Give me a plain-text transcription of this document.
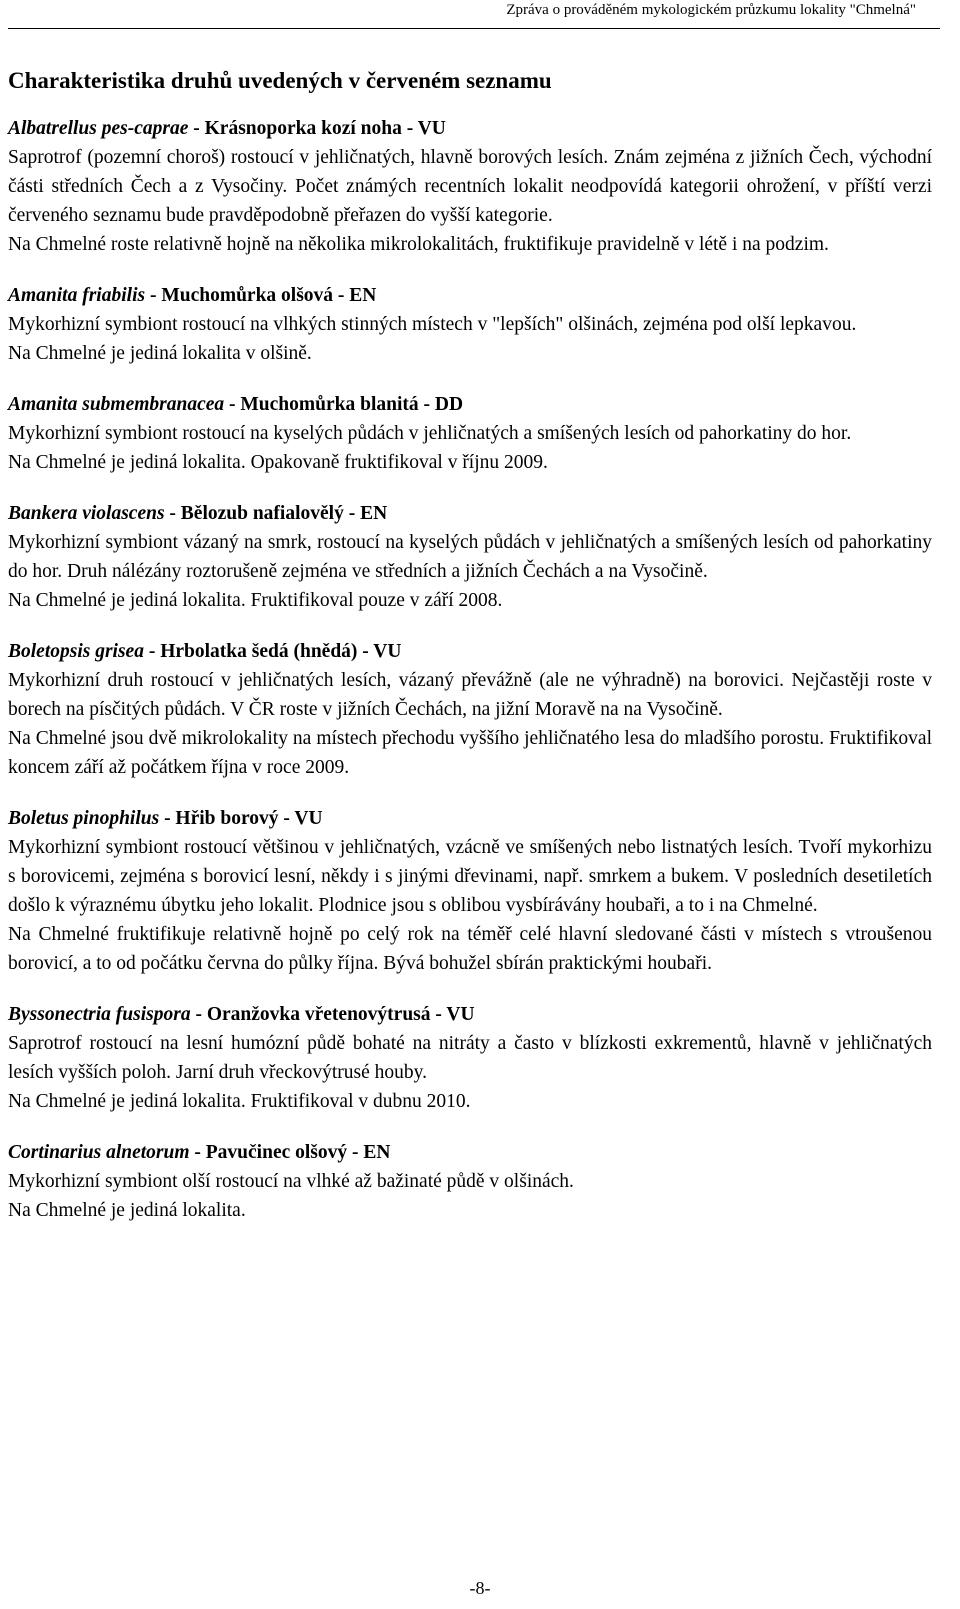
Zpráva o prováděném mykologickém průzkumu lokality "Chmelná"
Charakteristika druhů uvedených v červeném seznamu
Albatrellus pes-caprae - Krásnoporka kozí noha - VU

Saprotrof (pozemní choroš) rostoucí v jehličnatých, hlavně borových lesích. Znám zejména z jižních Čech, východní části středních Čech a z Vysočiny. Počet známých recentních lokalit neodpovídá kategorii ohrožení, v příští verzi červeného seznamu bude pravděpodobně přeřazen do vyšší kategorie.

Na Chmelné roste relativně hojně na několika mikrolokalitách, fruktifikuje pravidelně v létě i na podzim.

Amanita friabilis - Muchomůrka olšová - EN

Mykorhizní symbiont rostoucí na vlhkých stinných místech v "lepších" olšinách, zejména pod olší lepkavou.

Na Chmelné je jediná lokalita v olšině.

Amanita submembranacea - Muchomůrka blanitá - DD

Mykorhizní symbiont rostoucí na kyselých půdách v jehličnatých a smíšených lesích od pahorkatiny do hor.

Na Chmelné je jediná lokalita. Opakovaně fruktifikoval v říjnu 2009.

Bankera violascens - Bělozub nafialovělý - EN

Mykorhizní symbiont vázaný na smrk, rostoucí na kyselých půdách v jehličnatých a smíšených lesích od pahorkatiny do hor. Druh nálézány roztorušeně zejména ve středních a jižních Čechách a na Vysočině.

Na Chmelné je jediná lokalita. Fruktifikoval pouze v září 2008.

Boletopsis grisea - Hrbolatka šedá (hnědá) - VU

Mykorhizní druh rostoucí v jehličnatých lesích, vázaný převážně (ale ne výhradně) na borovici. Nejčastěji roste v borech na písčitých půdách. V ČR roste v jižních Čechách, na jižní Moravě na na Vysočině.

Na Chmelné jsou dvě mikrolokality na místech přechodu vyššího jehličnatého lesa do mladšího porostu. Fruktifikoval koncem září až počátkem října v roce 2009.

Boletus pinophilus - Hřib borový - VU

Mykorhizní symbiont rostoucí většinou v jehličnatých, vzácně ve smíšených nebo listnatých lesích. Tvoří mykorhizu s borovicemi, zejména s borovicí lesní, někdy i s jinými dřevinami, např. smrkem a bukem. V posledních desetiletích došlo k výraznému úbytku jeho lokalit. Plodnice jsou s oblibou vysbírávány houbaři, a to i na Chmelné.

Na Chmelné fruktifikuje relativně hojně po celý rok na téměř celé hlavní sledované části v místech s vtroušenou borovicí, a to od počátku června do půlky října. Bývá bohužel sbírán praktickými houbaři.

Byssonectria fusispora - Oranžovka vřetenovýtrusá - VU

Saprotrof rostoucí na lesní humózní půdě bohaté na nitráty a často v blízkosti exkrementů, hlavně v jehličnatých lesích vyšších poloh. Jarní druh vřeckovýtrusé houby.

Na Chmelné je jediná lokalita. Fruktifikoval v dubnu 2010.

Cortinarius alnetorum - Pavučinec olšový - EN

Mykorhizní symbiont olší rostoucí na vlhké až bažinaté půdě v olšinách.

Na Chmelné je jediná lokalita.

-8-
